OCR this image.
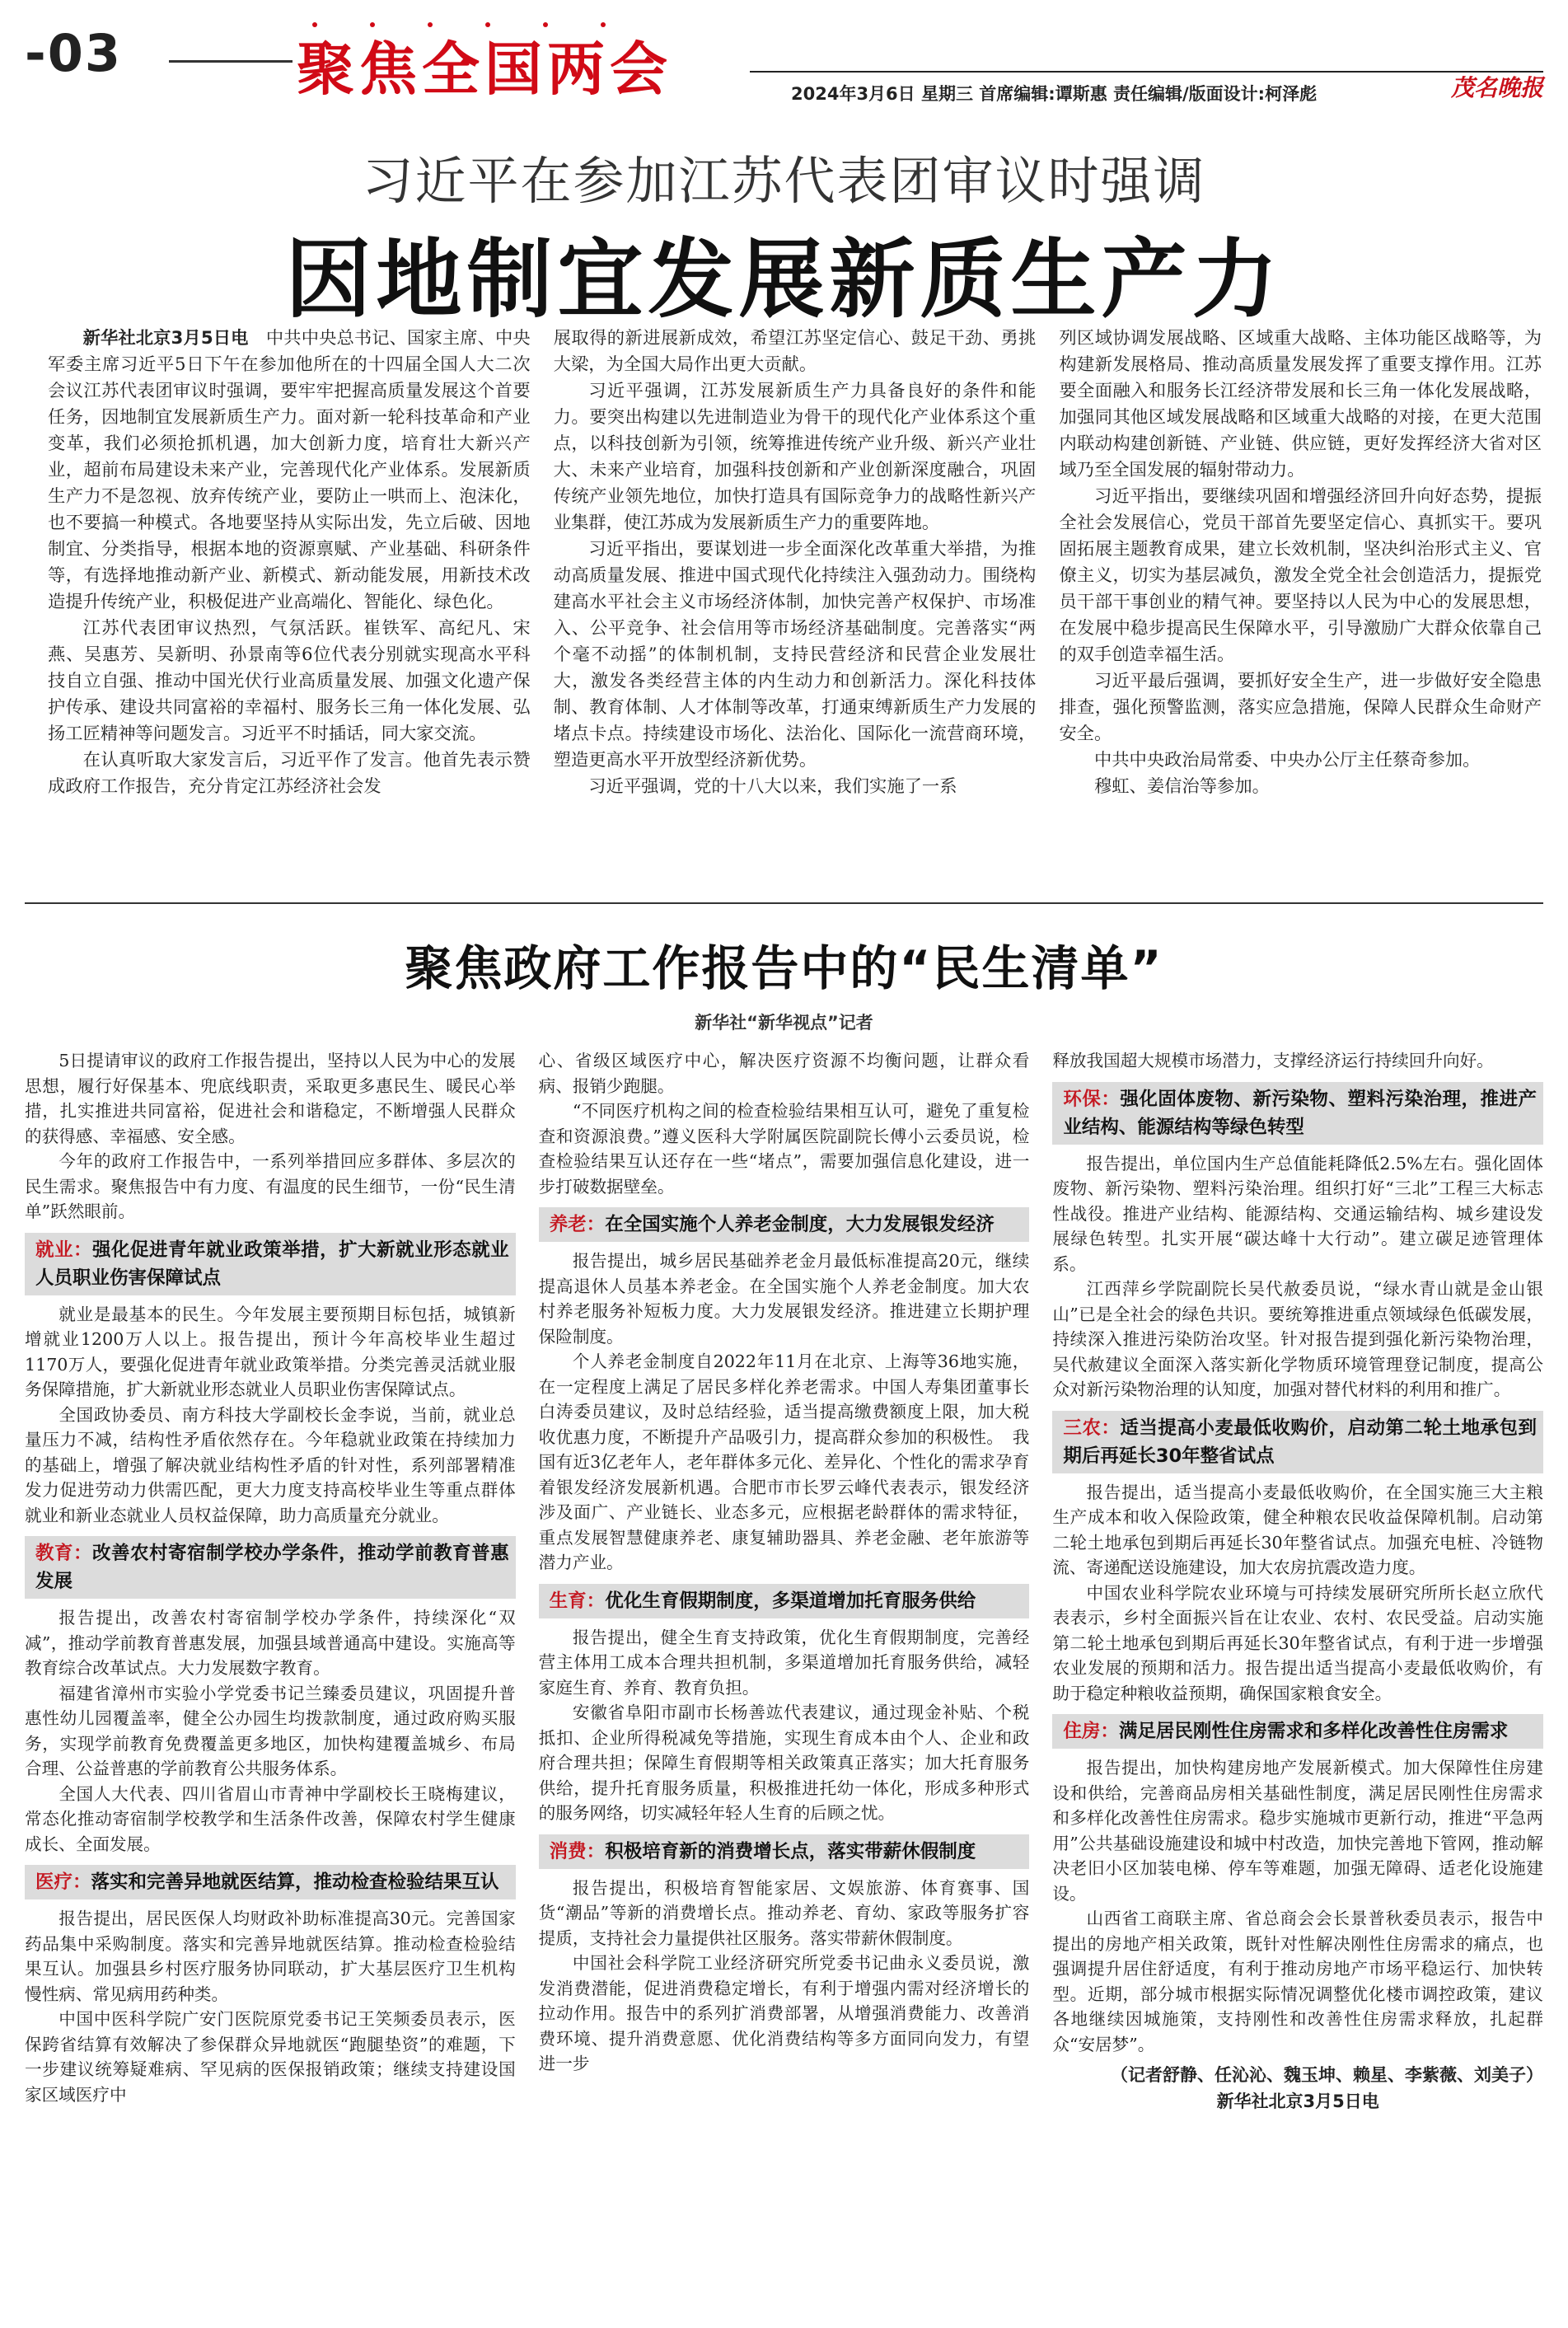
-03	聚 焦 全 国 两 会	2024年3月6日 星期三 首席编辑:谭斯惠 责任编辑/版面设计:柯泽彪	茂名晚报
习近平在参加江苏代表团审议时强调
因地制宜发展新质生产力

新华社北京3月5日电　 中共中央总书记、国家主席、中央军委主席习近平5日下午在参加他所在的十四届全国人大二次会议江苏代表团审议时强调，要牢牢把握高质量发展这个首要任务，因地制宜发展新质生产力。面对新一轮科技革命和产业变革，我们必须抢抓机遇，加大创新力度，培育壮大新兴产业，超前布局建设未来产业，完善现代化产业体系。发展新质生产力不是忽视、放弃传统产业，要防止一哄而上、泡沫化，也不要搞一种模式。各地要坚持从实际出发，先立后破、因地制宜、分类指导，根据本地的资源禀赋、产业基础、科研条件等，有选择地推动新产业、新模式、新动能发展，用新技术改造提升传统产业，积极促进产业高端化、智能化、绿色化。

江苏代表团审议热烈，气氛活跃。崔铁军、高纪凡、宋燕、吴惠芳、吴新明、孙景南等6位代表分别就实现高水平科技自立自强、推动中国光伏行业高质量发展、加强文化遗产保护传承、建设共同富裕的幸福村、服务长三角一体化发展、弘扬工匠精神等问题发言。习近平不时插话，同大家交流。

在认真听取大家发言后，习近平作了发言。他首先表示赞成政府工作报告，充分肯定江苏经济社会发

展取得的新进展新成效，希望江苏坚定信心、鼓足干劲、勇挑大梁，为全国大局作出更大贡献。

习近平强调，江苏发展新质生产力具备良好的条件和能力。要突出构建以先进制造业为骨干的现代化产业体系这个重点，以科技创新为引领，统筹推进传统产业升级、新兴产业壮大、未来产业培育，加强科技创新和产业创新深度融合，巩固传统产业领先地位，加快打造具有国际竞争力的战略性新兴产业集群，使江苏成为发展新质生产力的重要阵地。

习近平指出，要谋划进一步全面深化改革重大举措，为推动高质量发展、推进中国式现代化持续注入强劲动力。围绕构建高水平社会主义市场经济体制，加快完善产权保护、市场准入、公平竞争、社会信用等市场经济基础制度。完善落实“两个毫不动摇”的体制机制，支持民营经济和民营企业发展壮大，激发各类经营主体的内生动力和创新活力。深化科技体制、教育体制、人才体制等改革，打通束缚新质生产力发展的堵点卡点。持续建设市场化、法治化、国际化一流营商环境，塑造更高水平开放型经济新优势。

习近平强调，党的十八大以来，我们实施了一系

列区域协调发展战略、区域重大战略、主体功能区战略等，为构建新发展格局、推动高质量发展发挥了重要支撑作用。江苏要全面融入和服务长江经济带发展和长三角一体化发展战略，加强同其他区域发展战略和区域重大战略的对接，在更大范围内联动构建创新链、产业链、供应链，更好发挥经济大省对区域乃至全国发展的辐射带动力。

习近平指出，要继续巩固和增强经济回升向好态势，提振全社会发展信心，党员干部首先要坚定信心、真抓实干。要巩固拓展主题教育成果，建立长效机制，坚决纠治形式主义、官僚主义，切实为基层减负，激发全党全社会创造活力，提振党员干部干事创业的精气神。要坚持以人民为中心的发展思想，在发展中稳步提高民生保障水平，引导激励广大群众依靠自己的双手创造幸福生活。

习近平最后强调，要抓好安全生产，进一步做好安全隐患排查，强化预警监测，落实应急措施，保障人民群众生命财产安全。

中共中央政治局常委、中央办公厅主任蔡奇参加。

穆虹、姜信治等参加。

聚焦政府工作报告中的“民生清单”
新华社“新华视点”记者

5日提请审议的政府工作报告提出，坚持以人民为中心的发展思想，履行好保基本、兜底线职责，采取更多惠民生、暖民心举措，扎实推进共同富裕，促进社会和谐稳定，不断增强人民群众的获得感、幸福感、安全感。

今年的政府工作报告中，一系列举措回应多群体、多层次的民生需求。聚焦报告中有力度、有温度的民生细节，一份“民生清单”跃然眼前。

就业：强化促进青年就业政策举措，扩大新就业形态就业人员职业伤害保障试点

就业是最基本的民生。今年发展主要预期目标包括，城镇新增就业1200万人以上。报告提出，预计今年高校毕业生超过1170万人，要强化促进青年就业政策举措。分类完善灵活就业服务保障措施，扩大新就业形态就业人员职业伤害保障试点。

全国政协委员、南方科技大学副校长金李说，当前，就业总量压力不减，结构性矛盾依然存在。今年稳就业政策在持续加力的基础上，增强了解决就业结构性矛盾的针对性，系列部署精准发力促进劳动力供需匹配，更大力度支持高校毕业生等重点群体就业和新业态就业人员权益保障，助力高质量充分就业。

教育：改善农村寄宿制学校办学条件，推动学前教育普惠发展

报告提出，改善农村寄宿制学校办学条件，持续深化“双减”，推动学前教育普惠发展，加强县域普通高中建设。实施高等教育综合改革试点。大力发展数字教育。

福建省漳州市实验小学党委书记兰臻委员建议，巩固提升普惠性幼儿园覆盖率，健全公办园生均拨款制度，通过政府购买服务，实现学前教育免费覆盖更多地区，加快构建覆盖城乡、布局合理、公益普惠的学前教育公共服务体系。

全国人大代表、四川省眉山市青神中学副校长王晓梅建议，常态化推动寄宿制学校教学和生活条件改善，保障农村学生健康成长、全面发展。

医疗：落实和完善异地就医结算，推动检查检验结果互认

报告提出，居民医保人均财政补助标准提高30元。完善国家药品集中采购制度。落实和完善异地就医结算。推动检查检验结果互认。加强县乡村医疗服务协同联动，扩大基层医疗卫生机构慢性病、常见病用药种类。

中国中医科学院广安门医院原党委书记王笑频委员表示，医保跨省结算有效解决了参保群众异地就医“跑腿垫资”的难题，下一步建议统筹疑难病、罕见病的医保报销政策；继续支持建设国家区域医疗中

心、省级区域医疗中心，解决医疗资源不均衡问题，让群众看病、报销少跑腿。

“不同医疗机构之间的检查检验结果相互认可，避免了重复检查和资源浪费。”遵义医科大学附属医院副院长傅小云委员说，检查检验结果互认还存在一些“堵点”，需要加强信息化建设，进一步打破数据壁垒。

养老：在全国实施个人养老金制度，大力发展银发经济

报告提出，城乡居民基础养老金月最低标准提高20元，继续提高退休人员基本养老金。在全国实施个人养老金制度。加大农村养老服务补短板力度。大力发展银发经济。推进建立长期护理保险制度。

个人养老金制度自2022年11月在北京、上海等36地实施，在一定程度上满足了居民多样化养老需求。中国人寿集团董事长白涛委员建议，及时总结经验，适当提高缴费额度上限，加大税收优惠力度，不断提升产品吸引力，提高群众参加的积极性。　我国有近3亿老年人，老年群体多元化、差异化、个性化的需求孕育着银发经济发展新机遇。合肥市市长罗云峰代表表示，银发经济涉及面广、产业链长、业态多元，应根据老龄群体的需求特征，重点发展智慧健康养老、康复辅助器具、养老金融、老年旅游等潜力产业。

生育：优化生育假期制度，多渠道增加托育服务供给

报告提出，健全生育支持政策，优化生育假期制度，完善经营主体用工成本合理共担机制，多渠道增加托育服务供给，减轻家庭生育、养育、教育负担。

安徽省阜阳市副市长杨善竑代表建议，通过现金补贴、个税抵扣、企业所得税减免等措施，实现生育成本由个人、企业和政府合理共担；保障生育假期等相关政策真正落实；加大托育服务供给，提升托育服务质量，积极推进托幼一体化，形成多种形式的服务网络，切实减轻年轻人生育的后顾之忧。

消费：积极培育新的消费增长点，落实带薪休假制度

报告提出，积极培育智能家居、文娱旅游、体育赛事、国货“潮品”等新的消费增长点。推动养老、育幼、家政等服务扩容提质，支持社会力量提供社区服务。落实带薪休假制度。

中国社会科学院工业经济研究所党委书记曲永义委员说，激发消费潜能，促进消费稳定增长，有利于增强内需对经济增长的拉动作用。报告中的系列扩消费部署，从增强消费能力、改善消费环境、提升消费意愿、优化消费结构等多方面同向发力，有望进一步

释放我国超大规模市场潜力，支撑经济运行持续回升向好。

环保：强化固体废物、新污染物、塑料污染治理，推进产业结构、能源结构等绿色转型

报告提出，单位国内生产总值能耗降低2.5%左右。强化固体废物、新污染物、塑料污染治理。组织打好“三北”工程三大标志性战役。推进产业结构、能源结构、交通运输结构、城乡建设发展绿色转型。扎实开展“碳达峰十大行动”。建立碳足迹管理体系。

江西萍乡学院副院长吴代赦委员说，“绿水青山就是金山银山”已是全社会的绿色共识。要统筹推进重点领域绿色低碳发展，持续深入推进污染防治攻坚。针对报告提到强化新污染物治理，吴代赦建议全面深入落实新化学物质环境管理登记制度，提高公众对新污染物治理的认知度，加强对替代材料的利用和推广。

三农：适当提高小麦最低收购价，启动第二轮土地承包到期后再延长30年整省试点

报告提出，适当提高小麦最低收购价，在全国实施三大主粮生产成本和收入保险政策，健全种粮农民收益保障机制。启动第二轮土地承包到期后再延长30年整省试点。加强充电桩、冷链物流、寄递配送设施建设，加大农房抗震改造力度。

中国农业科学院农业环境与可持续发展研究所所长赵立欣代表表示，乡村全面振兴旨在让农业、农村、农民受益。启动实施第二轮土地承包到期后再延长30年整省试点，有利于进一步增强农业发展的预期和活力。报告提出适当提高小麦最低收购价，有助于稳定种粮收益预期，确保国家粮食安全。

住房：满足居民刚性住房需求和多样化改善性住房需求

报告提出，加快构建房地产发展新模式。加大保障性住房建设和供给，完善商品房相关基础性制度，满足居民刚性住房需求和多样化改善性住房需求。稳步实施城市更新行动，推进“平急两用”公共基础设施建设和城中村改造，加快完善地下管网，推动解决老旧小区加装电梯、停车等难题，加强无障碍、适老化设施建设。

山西省工商联主席、省总商会会长景普秋委员表示，报告中提出的房地产相关政策，既针对性解决刚性住房需求的痛点，也强调提升居住舒适度，有利于推动房地产市场平稳运行、加快转型。近期，部分城市根据实际情况调整优化楼市调控政策，建议各地继续因城施策，支持刚性和改善性住房需求释放，扎起群众“安居梦”。

（记者舒静、任沁沁、魏玉坤、赖星、李紫薇、刘美子）
新华社北京3月5日电
